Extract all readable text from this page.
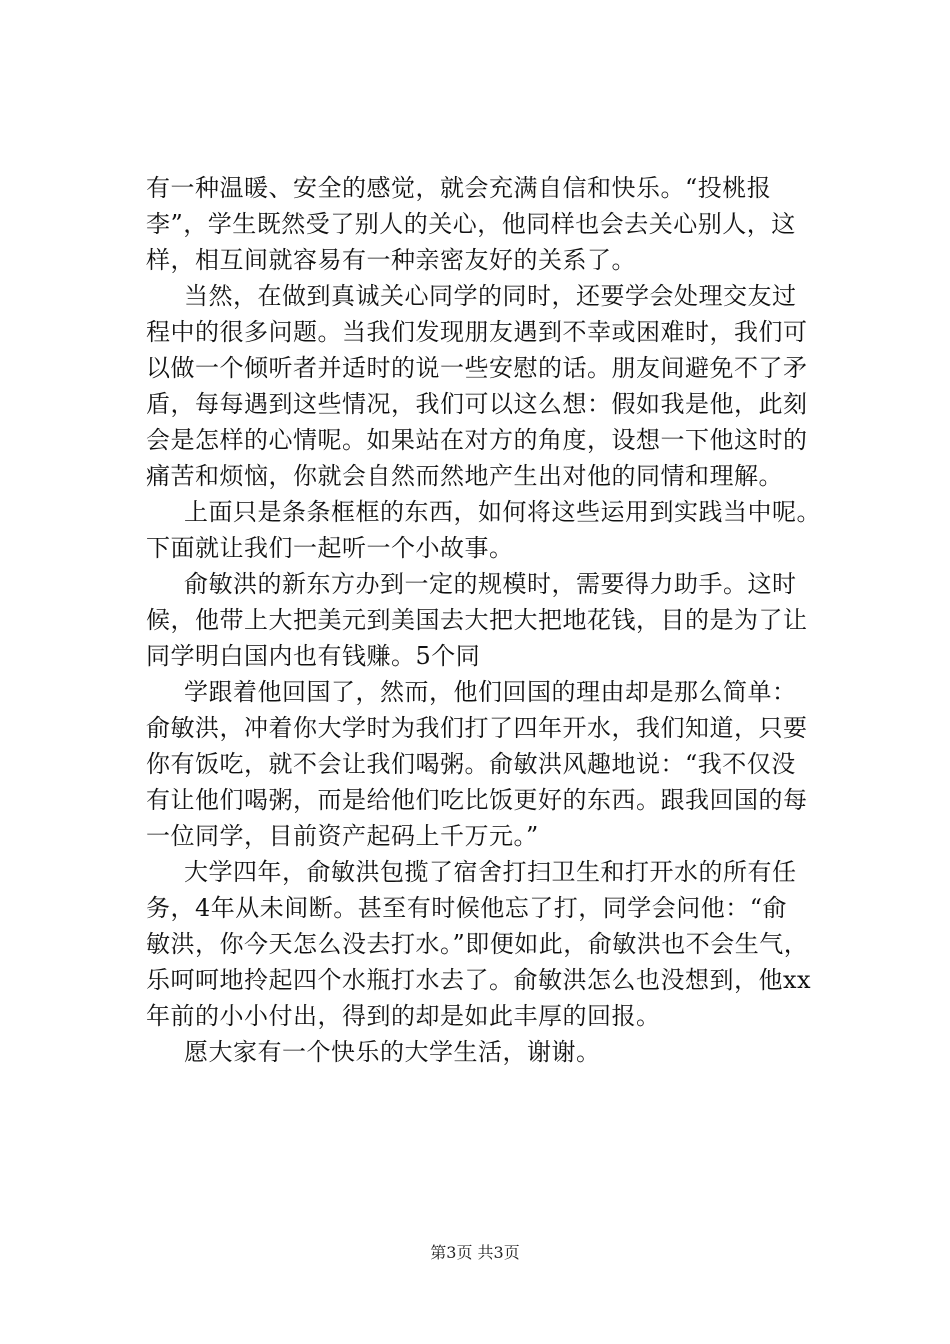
有一种温暖、安全的感觉，就会充满自信和快乐。“投桃报
李”，学生既然受了别人的关心，他同样也会去关心别人，这
样，相互间就容易有一种亲密友好的关系了。
当然，在做到真诚关心同学的同时，还要学会处理交友过
程中的很多问题。当我们发现朋友遇到不幸或困难时，我们可
以做一个倾听者并适时的说一些安慰的话。朋友间避免不了矛
盾，每每遇到这些情况，我们可以这么想：假如我是他，此刻
会是怎样的心情呢。如果站在对方的角度，设想一下他这时的
痛苦和烦恼，你就会自然而然地产生出对他的同情和理解。
上面只是条条框框的东西，如何将这些运用到实践当中呢。
下面就让我们一起听一个小故事。
俞敏洪的新东方办到一定的规模时，需要得力助手。这时
候，他带上大把美元到美国去大把大把地花钱，目的是为了让
同学明白国内也有钱赚。5个同
学跟着他回国了，然而，他们回国的理由却是那么简单：
俞敏洪，冲着你大学时为我们打了四年开水，我们知道，只要
你有饭吃，就不会让我们喝粥。俞敏洪风趣地说：“我不仅没
有让他们喝粥，而是给他们吃比饭更好的东西。跟我回国的每
一位同学，目前资产起码上千万元。”
大学四年，俞敏洪包揽了宿舍打扫卫生和打开水的所有任
务，4年从未间断。甚至有时候他忘了打，同学会问他：“俞
敏洪，你今天怎么没去打水。”即便如此，俞敏洪也不会生气，
乐呵呵地拎起四个水瓶打水去了。俞敏洪怎么也没想到，他xx
年前的小小付出，得到的却是如此丰厚的回报。
愿大家有一个快乐的大学生活，谢谢。
第3页 共3页
